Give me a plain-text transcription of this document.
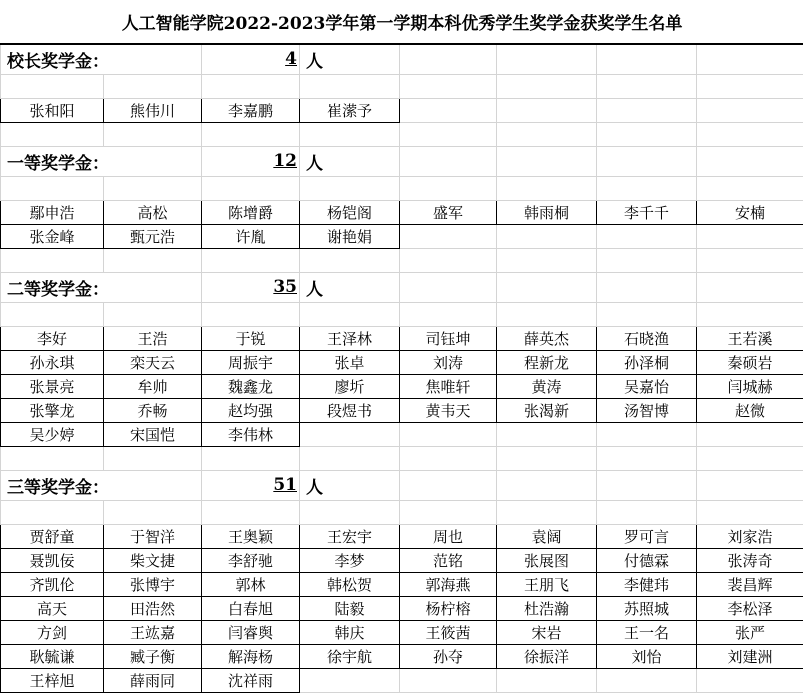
人工智能学院2022-2023学年第一学期本科优秀学生奖学金获奖学生名单							
校长奖学金：		4	人				

张和阳	熊伟川	李嘉鹏	崔潆予				

一等奖学金：		12	人				

鄢申浩	高松	陈增爵	杨铠阁	盛军	韩雨桐	李千千	安楠
张金峰	甄元浩	许胤	谢艳娟				

二等奖学金：		35	人				

李好	王浩	于锐	王泽林	司钰坤	薛英杰	石晓渔	王若溪
孙永琪	栾天云	周振宇	张卓	刘涛	程新龙	孙泽桐	秦硕岩
张景亮	牟帅	魏鑫龙	廖圻	焦唯轩	黄涛	吴嘉怡	闫城赫
张擎龙	乔畅	赵均强	段煜书	黄韦天	张渴新	汤智博	赵微
吴少婷	宋国恺	李伟林					

三等奖学金：		51	人				

贾舒童	于智洋	王奥颖	王宏宇	周也	袁阔	罗可言	刘家浩
聂凯佞	柴文捷	李舒驰	李梦	范铭	张展图	付德霖	张涛奇
齐凯伦	张博宇	郭林	韩松贺	郭海燕	王朋飞	李健玮	裴昌辉
高天	田浩然	白春旭	陆毅	杨柠榕	杜浩瀚	苏照城	李松泽
方剑	王竑嘉	闫睿舆	韩庆	王筱茜	宋岩	王一名	张严
耿毓谦	臧子衡	解海杨	徐宇航	孙夺	徐振洋	刘怡	刘建洲
王梓旭	薛雨同	沈祥雨					
